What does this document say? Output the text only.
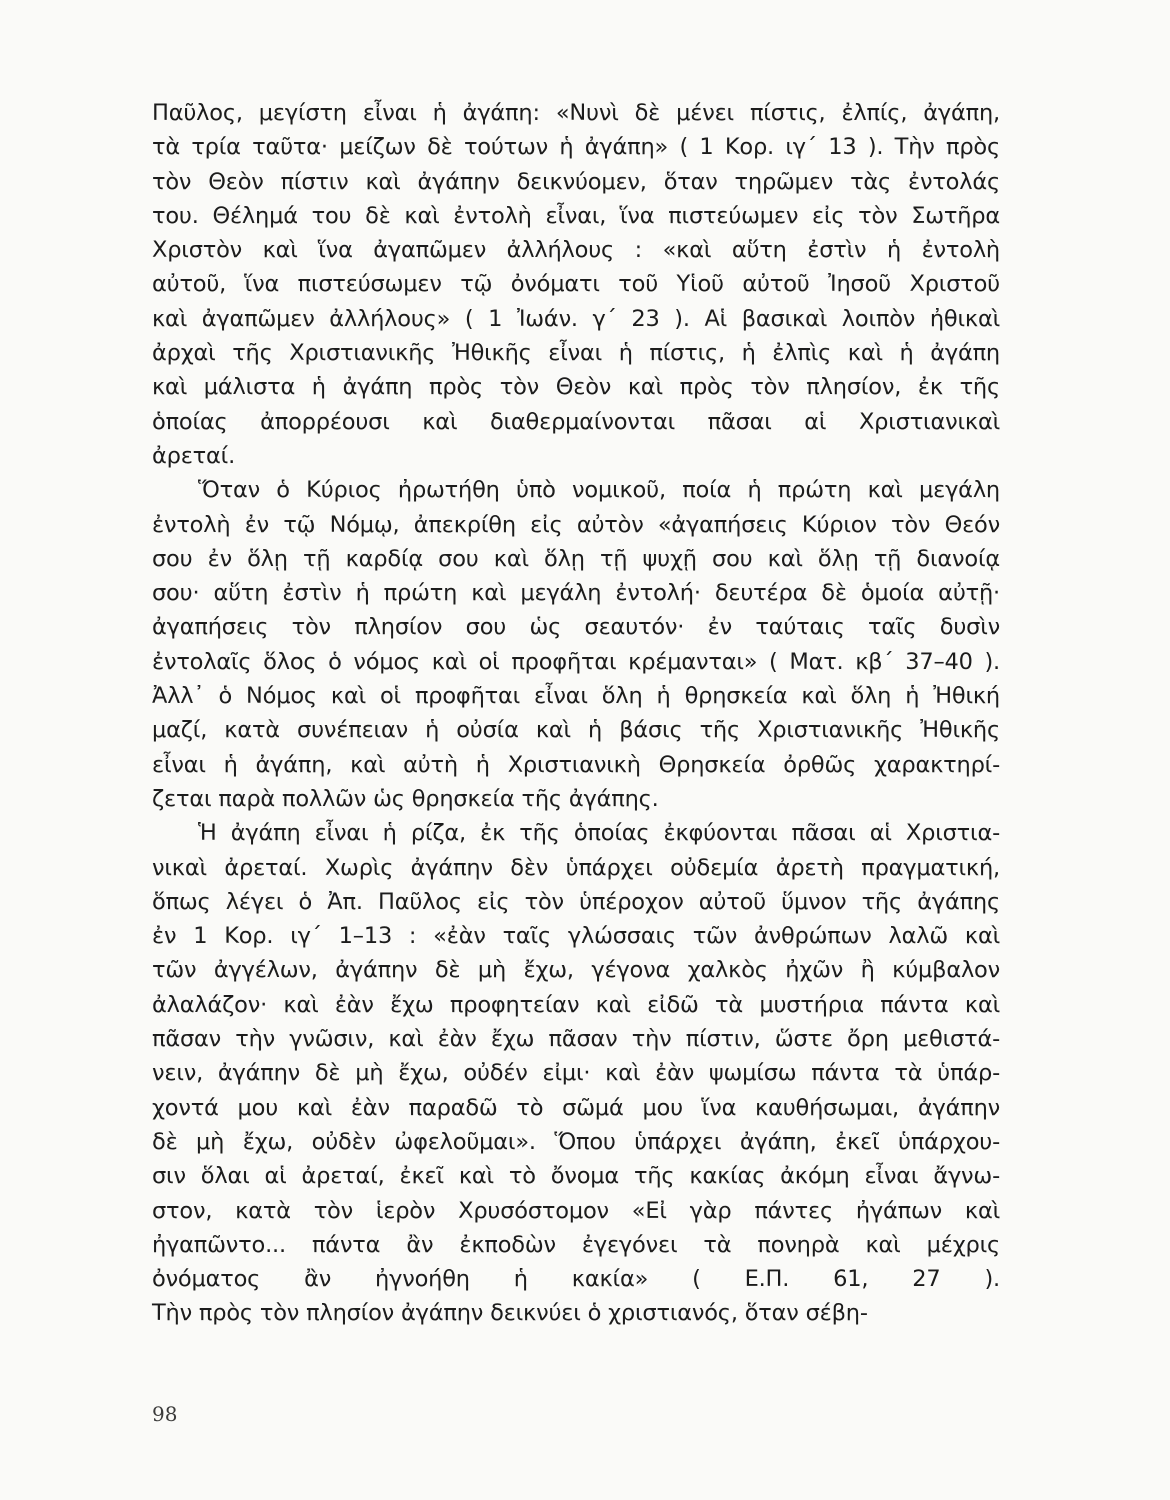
Παῦλος, μεγίστη εἶναι ἡ ἀγάπη: «Νυνὶ δὲ μένει πίστις, ἐλπίς, ἀγάπη,
τὰ τρία ταῦτα· μείζων δὲ τούτων ἡ ἀγάπη» ( 1 Κορ. ιγ΄ 13 ). Τὴν πρὸς
τὸν Θεὸν πίστιν καὶ ἀγάπην δεικνύομεν, ὅταν τηρῶμεν τὰς ἐντολάς
του. Θέλημά του δὲ καὶ ἐντολὴ εἶναι, ἵνα πιστεύωμεν εἰς τὸν Σωτῆρα
Χριστὸν καὶ ἵνα ἀγαπῶμεν ἀλλήλους : «καὶ αὕτη ἐστὶν ἡ ἐντολὴ
αὐτοῦ, ἵνα πιστεύσωμεν τῷ ὀνόματι τοῦ Υἱοῦ αὐτοῦ Ἰησοῦ Χριστοῦ
καὶ ἀγαπῶμεν ἀλλήλους» ( 1 Ἰωάν. γ΄ 23 ). Αἱ βασικαὶ λοιπὸν ἠθικαὶ
ἀρχαὶ τῆς Χριστιανικῆς Ἠθικῆς εἶναι ἡ πίστις, ἡ ἐλπὶς καὶ ἡ ἀγάπη
καὶ μάλιστα ἡ ἀγάπη πρὸς τὸν Θεὸν καὶ πρὸς τὸν πλησίον, ἐκ τῆς
ὁποίας ἀπορρέουσι καὶ διαθερμαίνονται πᾶσαι αἱ Χριστιανικαὶ
ἀρεταί.
Ὅταν ὁ Κύριος ἠρωτήθη ὑπὸ νομικοῦ, ποία ἡ πρώτη καὶ μεγάλη
ἐντολὴ ἐν τῷ Νόμῳ, ἀπεκρίθη εἰς αὐτὸν «ἀγαπήσεις Κύριον τὸν Θεόν
σου ἐν ὅλῃ τῇ καρδίᾳ σου καὶ ὅλῃ τῇ ψυχῇ σου καὶ ὅλῃ τῇ διανοίᾳ
σου· αὕτη ἐστὶν ἡ πρώτη καὶ μεγάλη ἐντολή· δευτέρα δὲ ὁμοία αὐτῇ·
ἀγαπήσεις τὸν πλησίον σου ὡς σεαυτόν· ἐν ταύταις ταῖς δυσὶν
ἐντολαῖς ὅλος ὁ νόμος καὶ οἱ προφῆται κρέμανται» ( Ματ. κβ΄ 37–40 ).
Ἀλλ᾿ ὁ Νόμος καὶ οἱ προφῆται εἶναι ὅλη ἡ θρησκεία καὶ ὅλη ἡ Ἠθική
μαζί, κατὰ συνέπειαν ἡ οὐσία καὶ ἡ βάσις τῆς Χριστιανικῆς Ἠθικῆς
εἶναι ἡ ἀγάπη, καὶ αὐτὴ ἡ Χριστιανικὴ Θρησκεία ὀρθῶς χαρακτηρί-
ζεται παρὰ πολλῶν ὡς θρησκεία τῆς ἀγάπης.
Ἡ ἀγάπη εἶναι ἡ ρίζα, ἐκ τῆς ὁποίας ἐκφύονται πᾶσαι αἱ Χριστια-
νικαὶ ἀρεταί. Χωρὶς ἀγάπην δὲν ὑπάρχει οὐδεμία ἀρετὴ πραγματική,
ὅπως λέγει ὁ Ἀπ. Παῦλος εἰς τὸν ὑπέροχον αὐτοῦ ὕμνον τῆς ἀγάπης
ἐν 1 Κορ. ιγ΄ 1–13 : «ἐὰν ταῖς γλώσσαις τῶν ἀνθρώπων λαλῶ καὶ
τῶν ἀγγέλων, ἀγάπην δὲ μὴ ἔχω, γέγονα χαλκὸς ἠχῶν ἢ κύμβαλον
ἀλαλάζον· καὶ ἐὰν ἔχω προφητείαν καὶ εἰδῶ τὰ μυστήρια πάντα καὶ
πᾶσαν τὴν γνῶσιν, καὶ ἐὰν ἔχω πᾶσαν τὴν πίστιν, ὥστε ὄρη μεθιστά-
νειν, ἀγάπην δὲ μὴ ἔχω, οὐδέν εἰμι· καὶ ἐὰν ψωμίσω πάντα τὰ ὑπάρ-
χοντά μου καὶ ἐὰν παραδῶ τὸ σῶμά μου ἵνα καυθήσωμαι, ἀγάπην
δὲ μὴ ἔχω, οὐδὲν ὠφελοῦμαι». Ὅπου ὑπάρχει ἀγάπη, ἐκεῖ ὑπάρχου-
σιν ὅλαι αἱ ἀρεταί, ἐκεῖ καὶ τὸ ὄνομα τῆς κακίας ἀκόμη εἶναι ἄγνω-
στον, κατὰ τὸν ἱερὸν Χρυσόστομον «Εἰ γὰρ πάντες ἠγάπων καὶ
ἠγαπῶντο... πάντα ἂν ἐκποδὼν ἐγεγόνει τὰ πονηρὰ καὶ μέχρις
ὀνόματος ἂν ἠγνοήθη ἡ κακία» ( Ε.Π. 61, 27 ).
Τὴν πρὸς τὸν πλησίον ἀγάπην δεικνύει ὁ χριστιανός, ὅταν σέβη-
98
